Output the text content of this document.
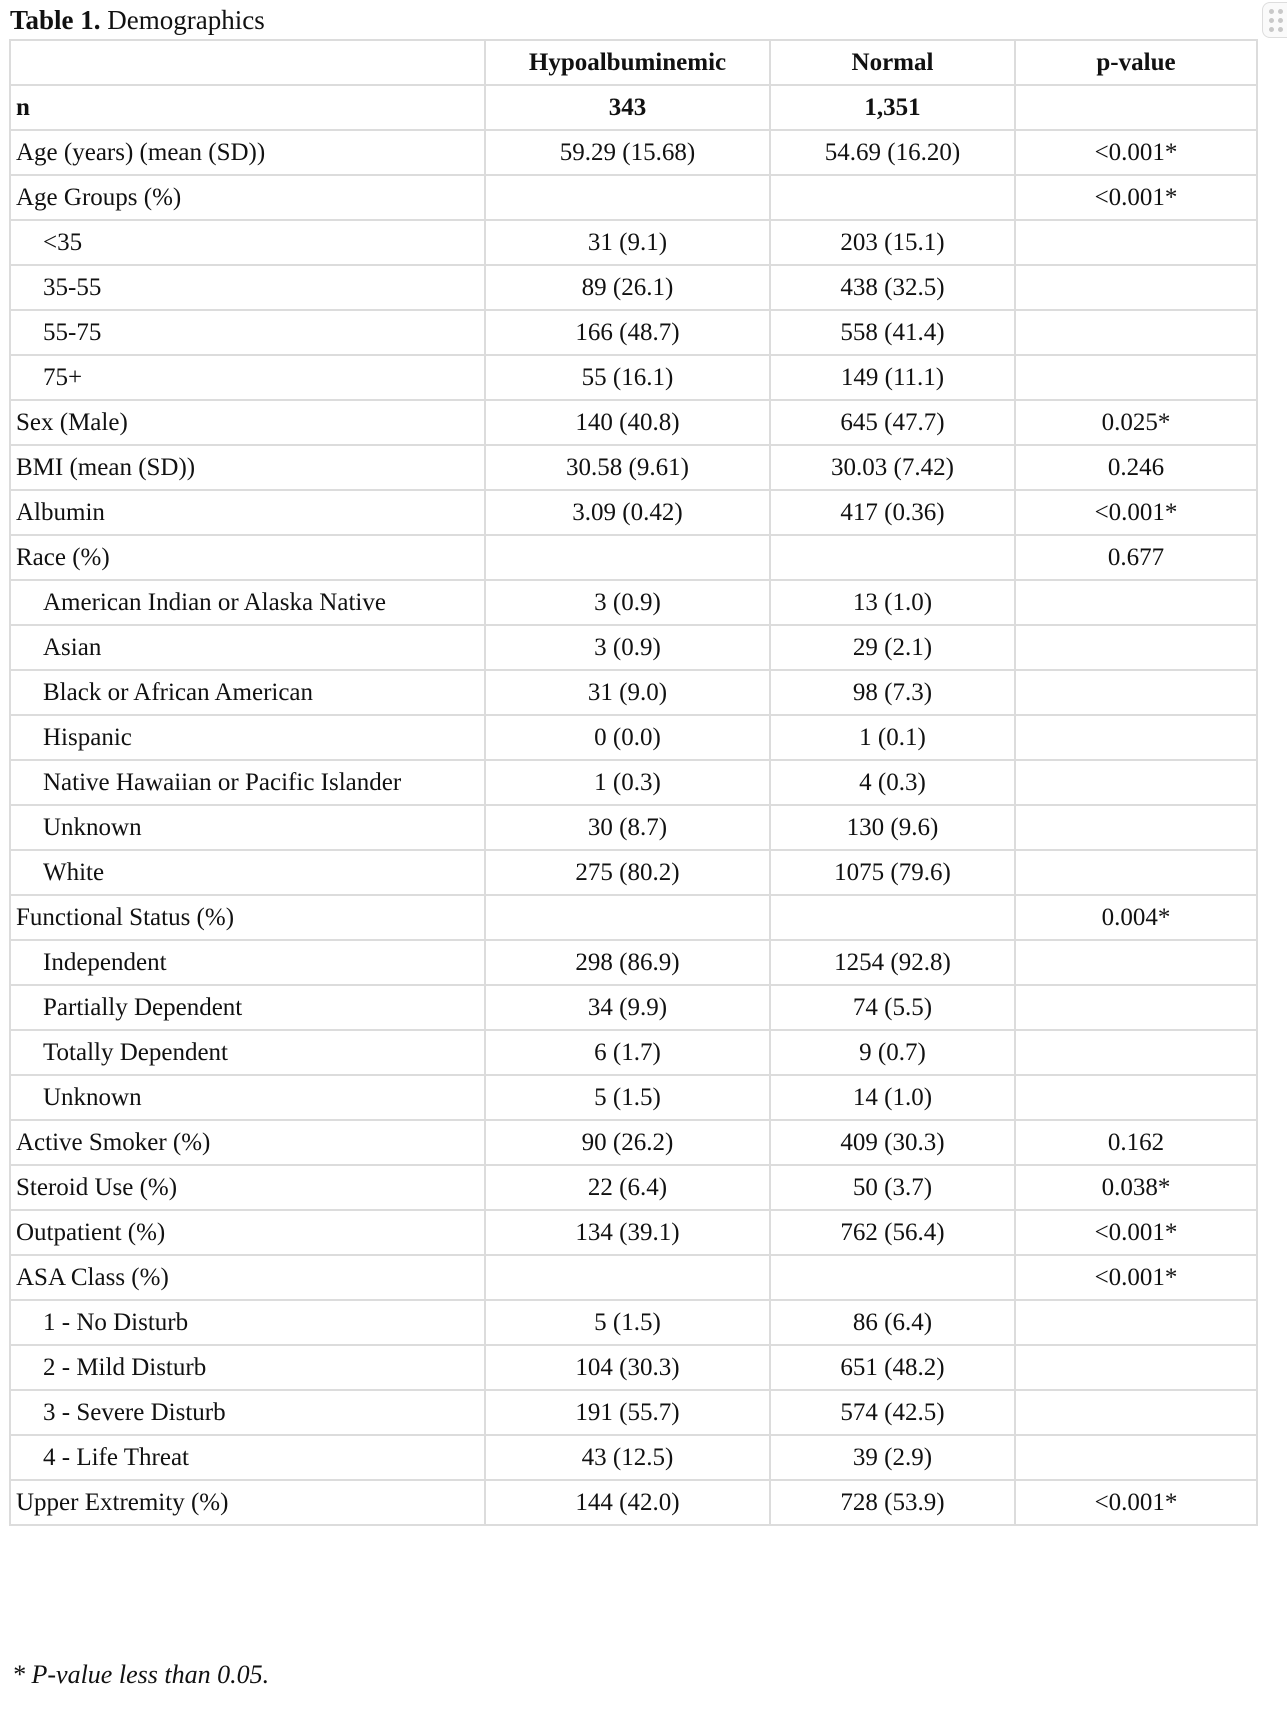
Table 1. Demographics
	Hypoalbuminemic	Normal	p-value
n	343	1,351	
Age (years) (mean (SD))	59.29 (15.68)	54.69 (16.20)	<0.001*
Age Groups (%)			<0.001*
<35	31 (9.1)	203 (15.1)	
35-55	89 (26.1)	438 (32.5)	
55-75	166 (48.7)	558 (41.4)	
75+	55 (16.1)	149 (11.1)	
Sex (Male)	140 (40.8)	645 (47.7)	0.025*
BMI (mean (SD))	30.58 (9.61)	30.03 (7.42)	0.246
Albumin	3.09 (0.42)	417 (0.36)	<0.001*
Race (%)			0.677
American Indian or Alaska Native	3 (0.9)	13 (1.0)	
Asian	3 (0.9)	29 (2.1)	
Black or African American	31 (9.0)	98 (7.3)	
Hispanic	0 (0.0)	1 (0.1)	
Native Hawaiian or Pacific Islander	1 (0.3)	4 (0.3)	
Unknown	30 (8.7)	130 (9.6)	
White	275 (80.2)	1075 (79.6)	
Functional Status (%)			0.004*
Independent	298 (86.9)	1254 (92.8)	
Partially Dependent	34 (9.9)	74 (5.5)	
Totally Dependent	6 (1.7)	9 (0.7)	
Unknown	5 (1.5)	14 (1.0)	
Active Smoker (%)	90 (26.2)	409 (30.3)	0.162
Steroid Use (%)	22 (6.4)	50 (3.7)	0.038*
Outpatient (%)	134 (39.1)	762 (56.4)	<0.001*
ASA Class (%)			<0.001*
1 - No Disturb	5 (1.5)	86 (6.4)	
2 - Mild Disturb	104 (30.3)	651 (48.2)	
3 - Severe Disturb	191 (55.7)	574 (42.5)	
4 - Life Threat	43 (12.5)	39 (2.9)	
Upper Extremity (%)	144 (42.0)	728 (53.9)	<0.001*
* P-value less than 0.05.
